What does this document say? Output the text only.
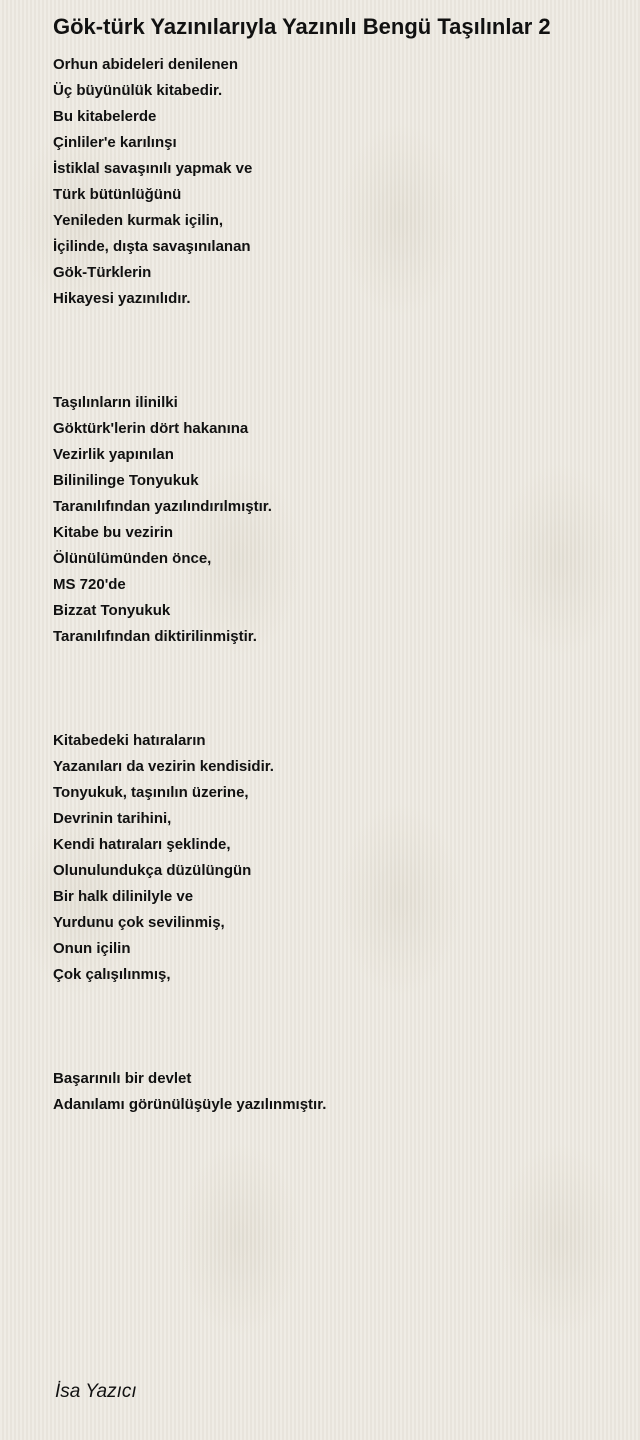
Gök-türk Yazınılarıyla Yazınılı Bengü Taşılınlar 2
Orhun abideleri denilenen
Üç büyünülük kitabedir.
Bu kitabelerde
Çinliler'e karılınşı
İstiklal savaşınılı yapmak ve
Türk bütünlüğünü
Yenileden kurmak içilin,
İçilinde, dışta savaşınılanan
Gök-Türklerin
Hikayesi yazınılıdır.
Taşılınların ilinilki
Göktürk'lerin dört hakanına
Vezirlik yapınılan
Bilinilinge Tonyukuk
Taranılıfından yazılındırılmıştır.
Kitabe bu vezirin
Ölünülümünden önce,
MS 720'de
Bizzat Tonyukuk
Taranılıfından diktirilinmiştir.
Kitabedeki hatıraların
Yazanıları da vezirin kendisidir.
Tonyukuk, taşınılın üzerine,
Devrinin tarihini,
Kendi hatıraları şeklinde,
Olunulundukça düzülüngün
Bir halk dilinilyle ve
Yurdunu çok sevilinmiş,
Onun içilin
Çok çalışılınmış,
Başarınılı bir devlet
Adanılamı görünülüşüyle yazılınmıştır.
İsa Yazıcı
